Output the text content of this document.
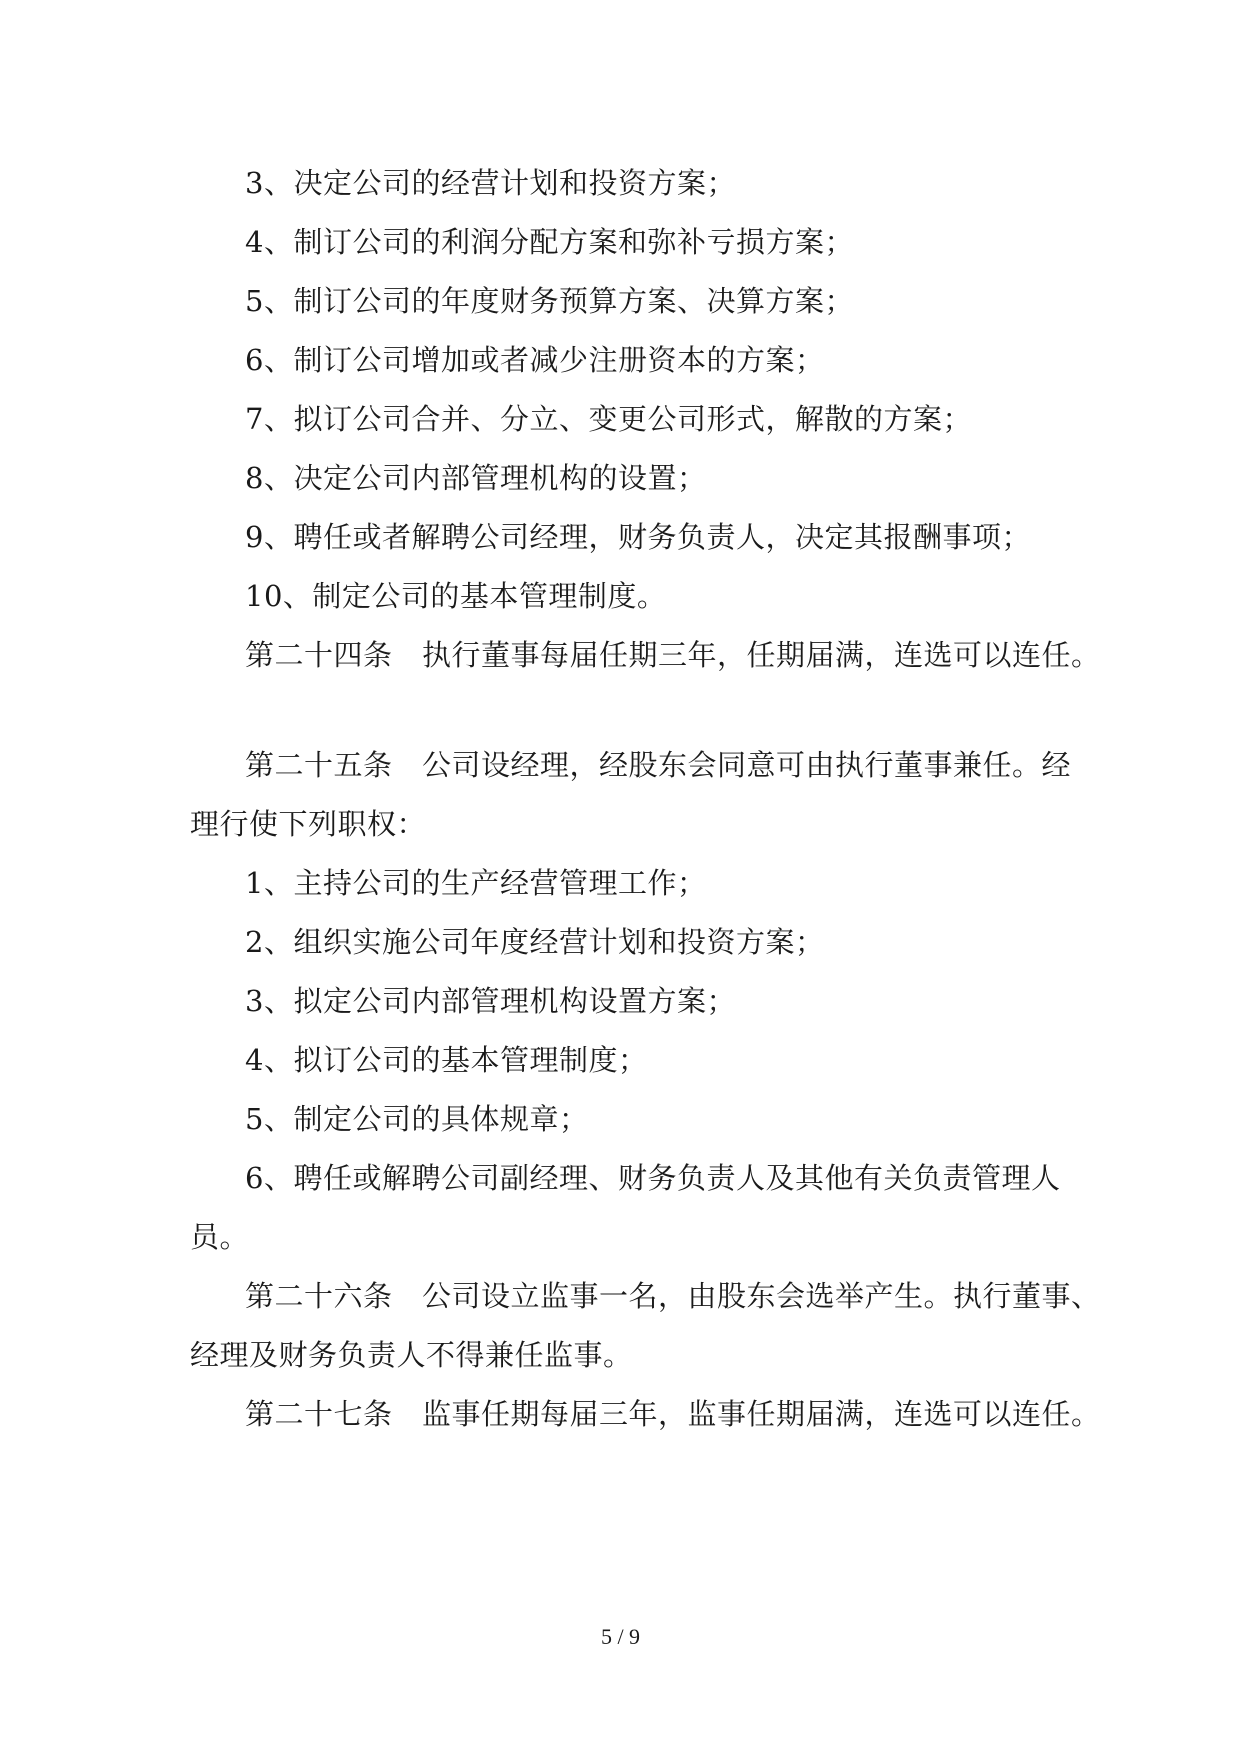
3、决定公司的经营计划和投资方案；
4、制订公司的利润分配方案和弥补亏损方案；
5、制订公司的年度财务预算方案、决算方案；
6、制订公司增加或者减少注册资本的方案；
7、拟订公司合并、分立、变更公司形式，解散的方案；
8、决定公司内部管理机构的设置；
9、聘任或者解聘公司经理，财务负责人，决定其报酬事项；
10、制定公司的基本管理制度。
第二十四条　执行董事每届任期三年，任期届满，连选可以连任。
第二十五条　公司设经理，经股东会同意可由执行董事兼任。经
理行使下列职权：
1、主持公司的生产经营管理工作；
2、组织实施公司年度经营计划和投资方案；
3、拟定公司内部管理机构设置方案；
4、拟订公司的基本管理制度；
5、制定公司的具体规章；
6、聘任或解聘公司副经理、财务负责人及其他有关负责管理人
员。
第二十六条　公司设立监事一名，由股东会选举产生。执行董事、
经理及财务负责人不得兼任监事。
第二十七条　监事任期每届三年，监事任期届满，连选可以连任。
5 / 9
